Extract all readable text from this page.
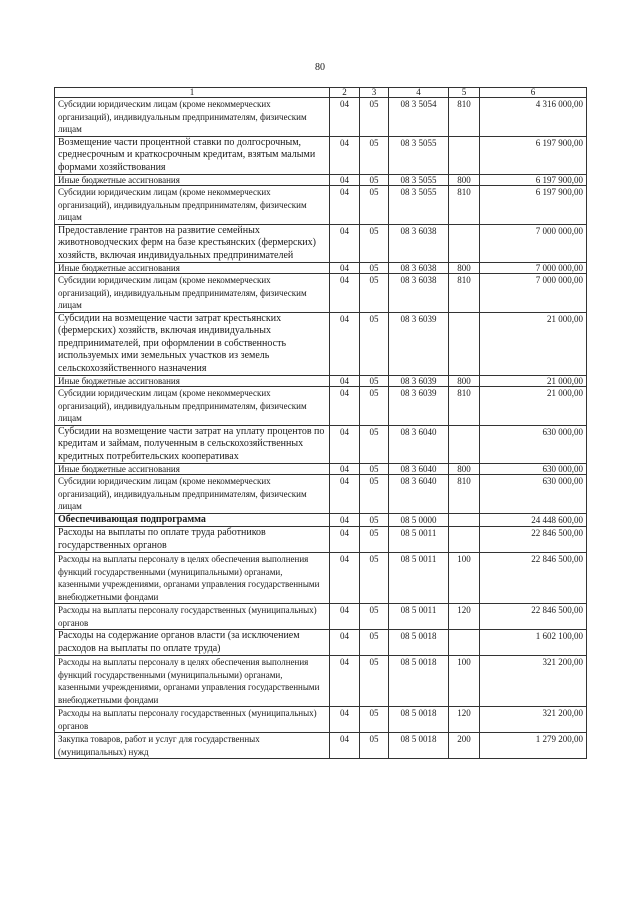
80
1	2	3	4	5	6
Субсидии юридическим лицам (кроме некоммерческих организаций), индивидуальным предпринимателям, физическим лицам	04	05	08 3 5054	810	4 316 000,00
Возмещение части процентной ставки по долгосрочным, среднесрочным и краткосрочным кредитам, взятым малыми формами хозяйствования	04	05	08 3 5055		6 197 900,00
Иные бюджетные ассигнования	04	05	08 3 5055	800	6 197 900,00
Субсидии юридическим лицам (кроме некоммерческих организаций), индивидуальным предпринимателям, физическим лицам	04	05	08 3 5055	810	6 197 900,00
Предоставление грантов на развитие семейных животноводческих ферм на базе крестьянских (фермерских) хозяйств, включая индивидуальных предпринимателей	04	05	08 3 6038		7 000 000,00
Иные бюджетные ассигнования	04	05	08 3 6038	800	7 000 000,00
Субсидии юридическим лицам (кроме некоммерческих организаций), индивидуальным предпринимателям, физическим лицам	04	05	08 3 6038	810	7 000 000,00
Субсидии на возмещение части затрат крестьянских (фермерских) хозяйств, включая индивидуальных предпринимателей, при оформлении в собственность используемых ими земельных участков из земель сельскохозяйственного назначения	04	05	08 3 6039		21 000,00
Иные бюджетные ассигнования	04	05	08 3 6039	800	21 000,00
Субсидии юридическим лицам (кроме некоммерческих организаций), индивидуальным предпринимателям, физическим лицам	04	05	08 3 6039	810	21 000,00
Субсидии на возмещение части затрат на уплату процентов по кредитам и займам, полученным в сельскохозяйственных кредитных потребительских кооперативах	04	05	08 3 6040		630 000,00
Иные бюджетные ассигнования	04	05	08 3 6040	800	630 000,00
Субсидии юридическим лицам (кроме некоммерческих организаций), индивидуальным предпринимателям, физическим лицам	04	05	08 3 6040	810	630 000,00
Обеспечивающая подпрограмма	04	05	08 5 0000		24 448 600,00
Расходы на выплаты по оплате труда работников государственных органов	04	05	08 5 0011		22 846 500,00
Расходы на выплаты персоналу в целях обеспечения выполнения функций государственными (муниципальными) органами, казенными учреждениями, органами управления государственными внебюджетными фондами	04	05	08 5 0011	100	22 846 500,00
Расходы на выплаты персоналу государственных (муниципальных) органов	04	05	08 5 0011	120	22 846 500,00
Расходы на содержание органов власти (за исключением расходов на выплаты по оплате труда)	04	05	08 5 0018		1 602 100,00
Расходы на выплаты персоналу в целях обеспечения выполнения функций государственными (муниципальными) органами, казенными учреждениями, органами управления государственными внебюджетными фондами	04	05	08 5 0018	100	321 200,00
Расходы на выплаты персоналу государственных (муниципальных) органов	04	05	08 5 0018	120	321 200,00
Закупка товаров, работ и услуг для государственных (муниципальных) нужд	04	05	08 5 0018	200	1 279 200,00
